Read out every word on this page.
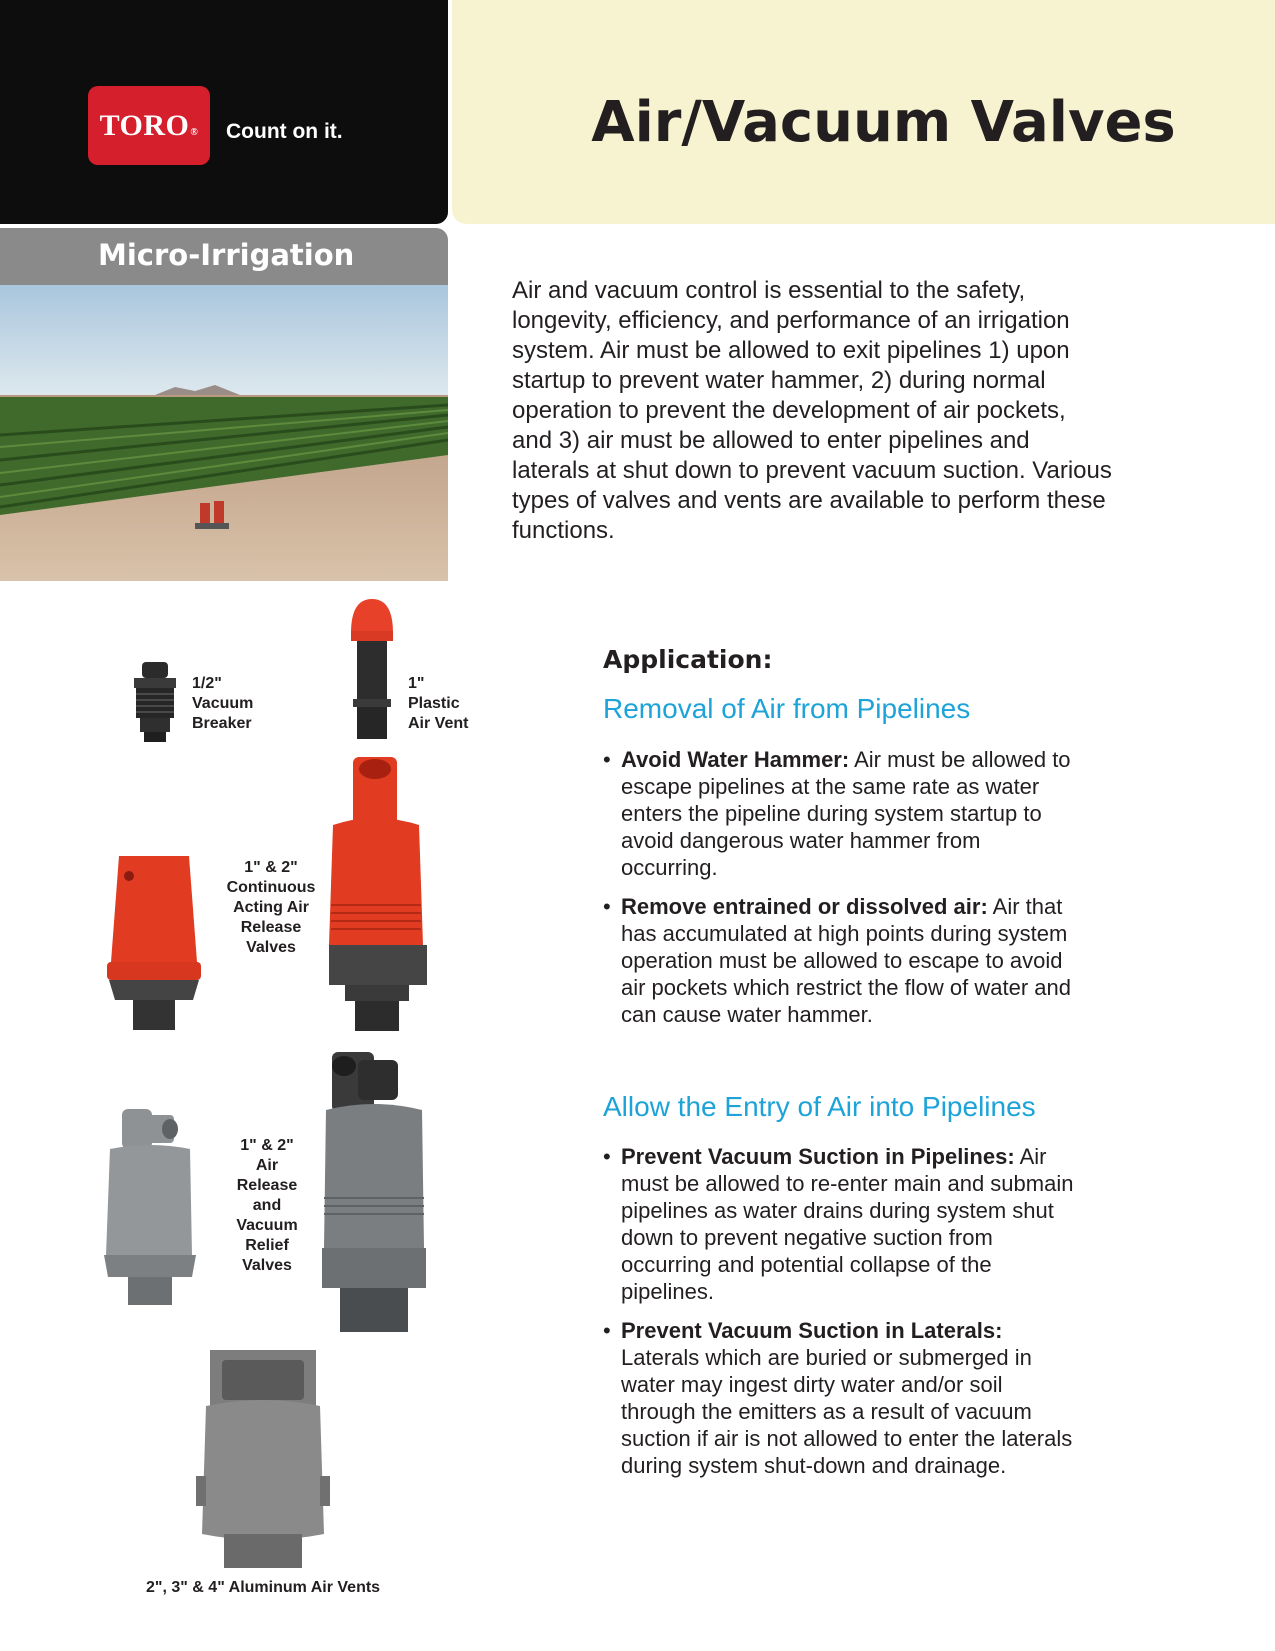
TORO® Count on it.	Air/Vacuum Valves
Micro-Irrigation
Air and vacuum control is essential to the safety, longevity, efficiency, and performance of an irrigation system. Air must be allowed to exit pipelines 1) upon startup to prevent water hammer, 2) during normal operation to prevent the development of air pockets, and 3) air must be allowed to enter pipelines and laterals at shut down to prevent vacuum suction. Various types of valves and vents are available to perform these functions.
Application:
Removal of Air from Pipelines
• Avoid Water Hammer: Air must be allowed to escape pipelines at the same rate as water enters the pipeline during system startup to avoid dangerous water hammer from occurring.
• Remove entrained or dissolved air: Air that has accumulated at high points during system operation must be allowed to escape to avoid air pockets which restrict the flow of water and can cause water hammer.
Allow the Entry of Air into Pipelines
• Prevent Vacuum Suction in Pipelines: Air must be allowed to re-enter main and submain pipelines as water drains during system shut down to prevent negative suction from occurring and potential collapse of the pipelines.
• Prevent Vacuum Suction in Laterals: Laterals which are buried or submerged in water may ingest dirty water and/or soil through the emitters as a result of vacuum suction if air is not allowed to enter the laterals during system shut-down and drainage.
1/2"
Vacuum
Breaker
1"
Plastic
Air Vent
1" & 2"
Continuous
Acting Air
Release
Valves
1" & 2"
Air
Release
and
Vacuum
Relief
Valves
2", 3" & 4" Aluminum Air Vents
